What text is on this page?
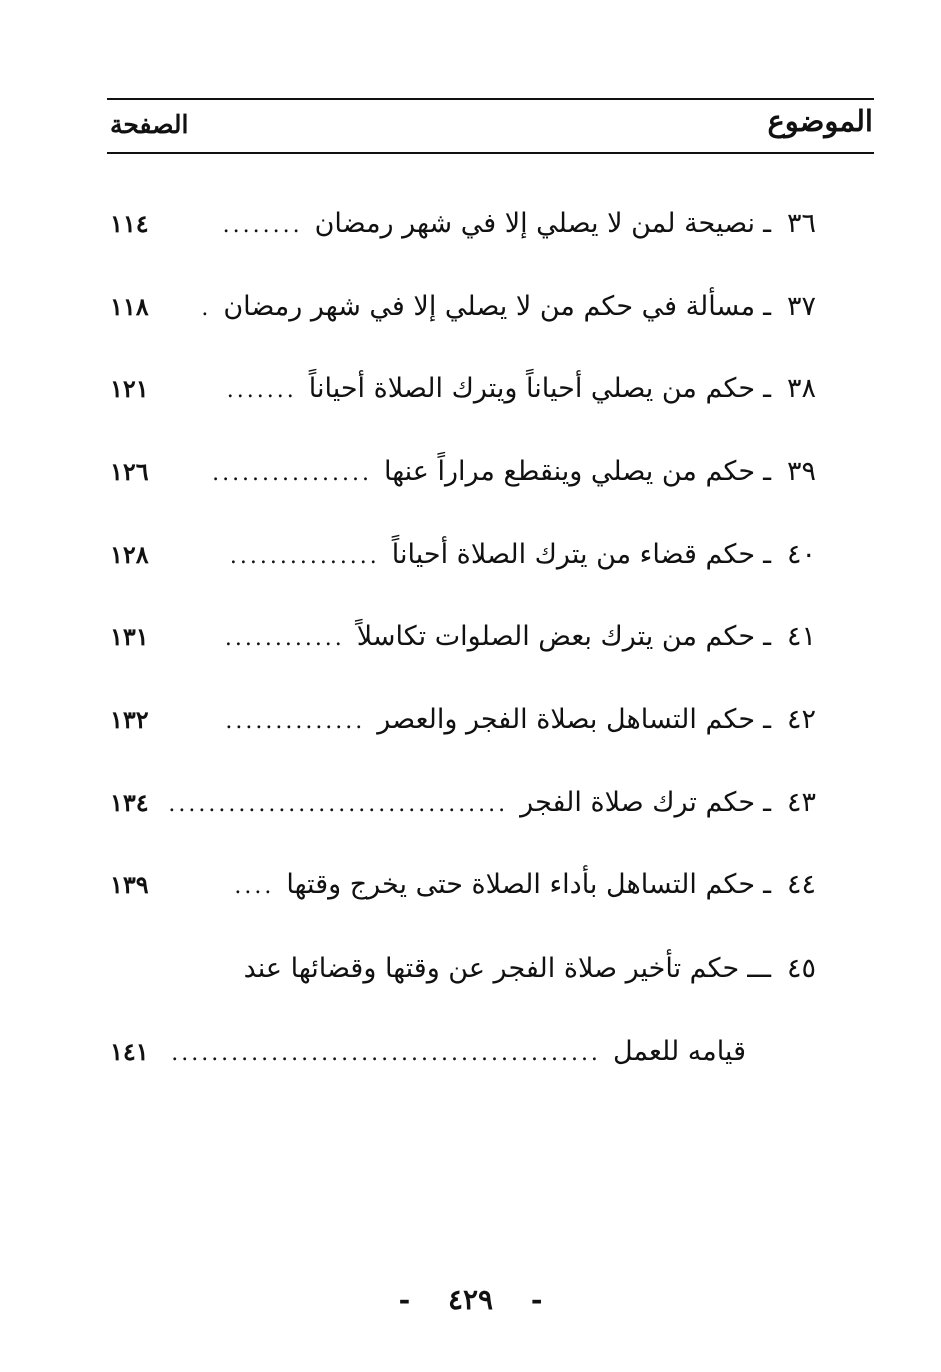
الموضوع
الصفحة
٣٦
ـ
نصيحة لمن لا يصلي إلا في شهر رمضان
........
١١٤
٣٧
ـ
مسألة في حكم من لا يصلي إلا في شهر رمضان
.
١١٨
٣٨
ـ
حكم من يصلي أحياناً ويترك الصلاة أحياناً
.......
١٢١
٣٩
ـ
حكم من يصلي وينقطع مراراً عنها
................
١٢٦
٤٠
ـ
حكم قضاء من يترك الصلاة أحياناً
...............
١٢٨
٤١
ـ
حكم من يترك بعض الصلوات تكاسلاً
............
١٣١
٤٢
ـ
حكم التساهل بصلاة الفجر والعصر
..............
١٣٢
٤٣
ـ
حكم ترك صلاة الفجر
..................................
١٣٤
٤٤
ـ
حكم التساهل بأداء الصلاة حتى يخرج وقتها
....
١٣٩
٤٥
ـــ
حكم تأخير صلاة الفجر عن وقتها وقضائها عند
قيامه للعمل
...........................................
١٤١
- ٤٢٩ -
